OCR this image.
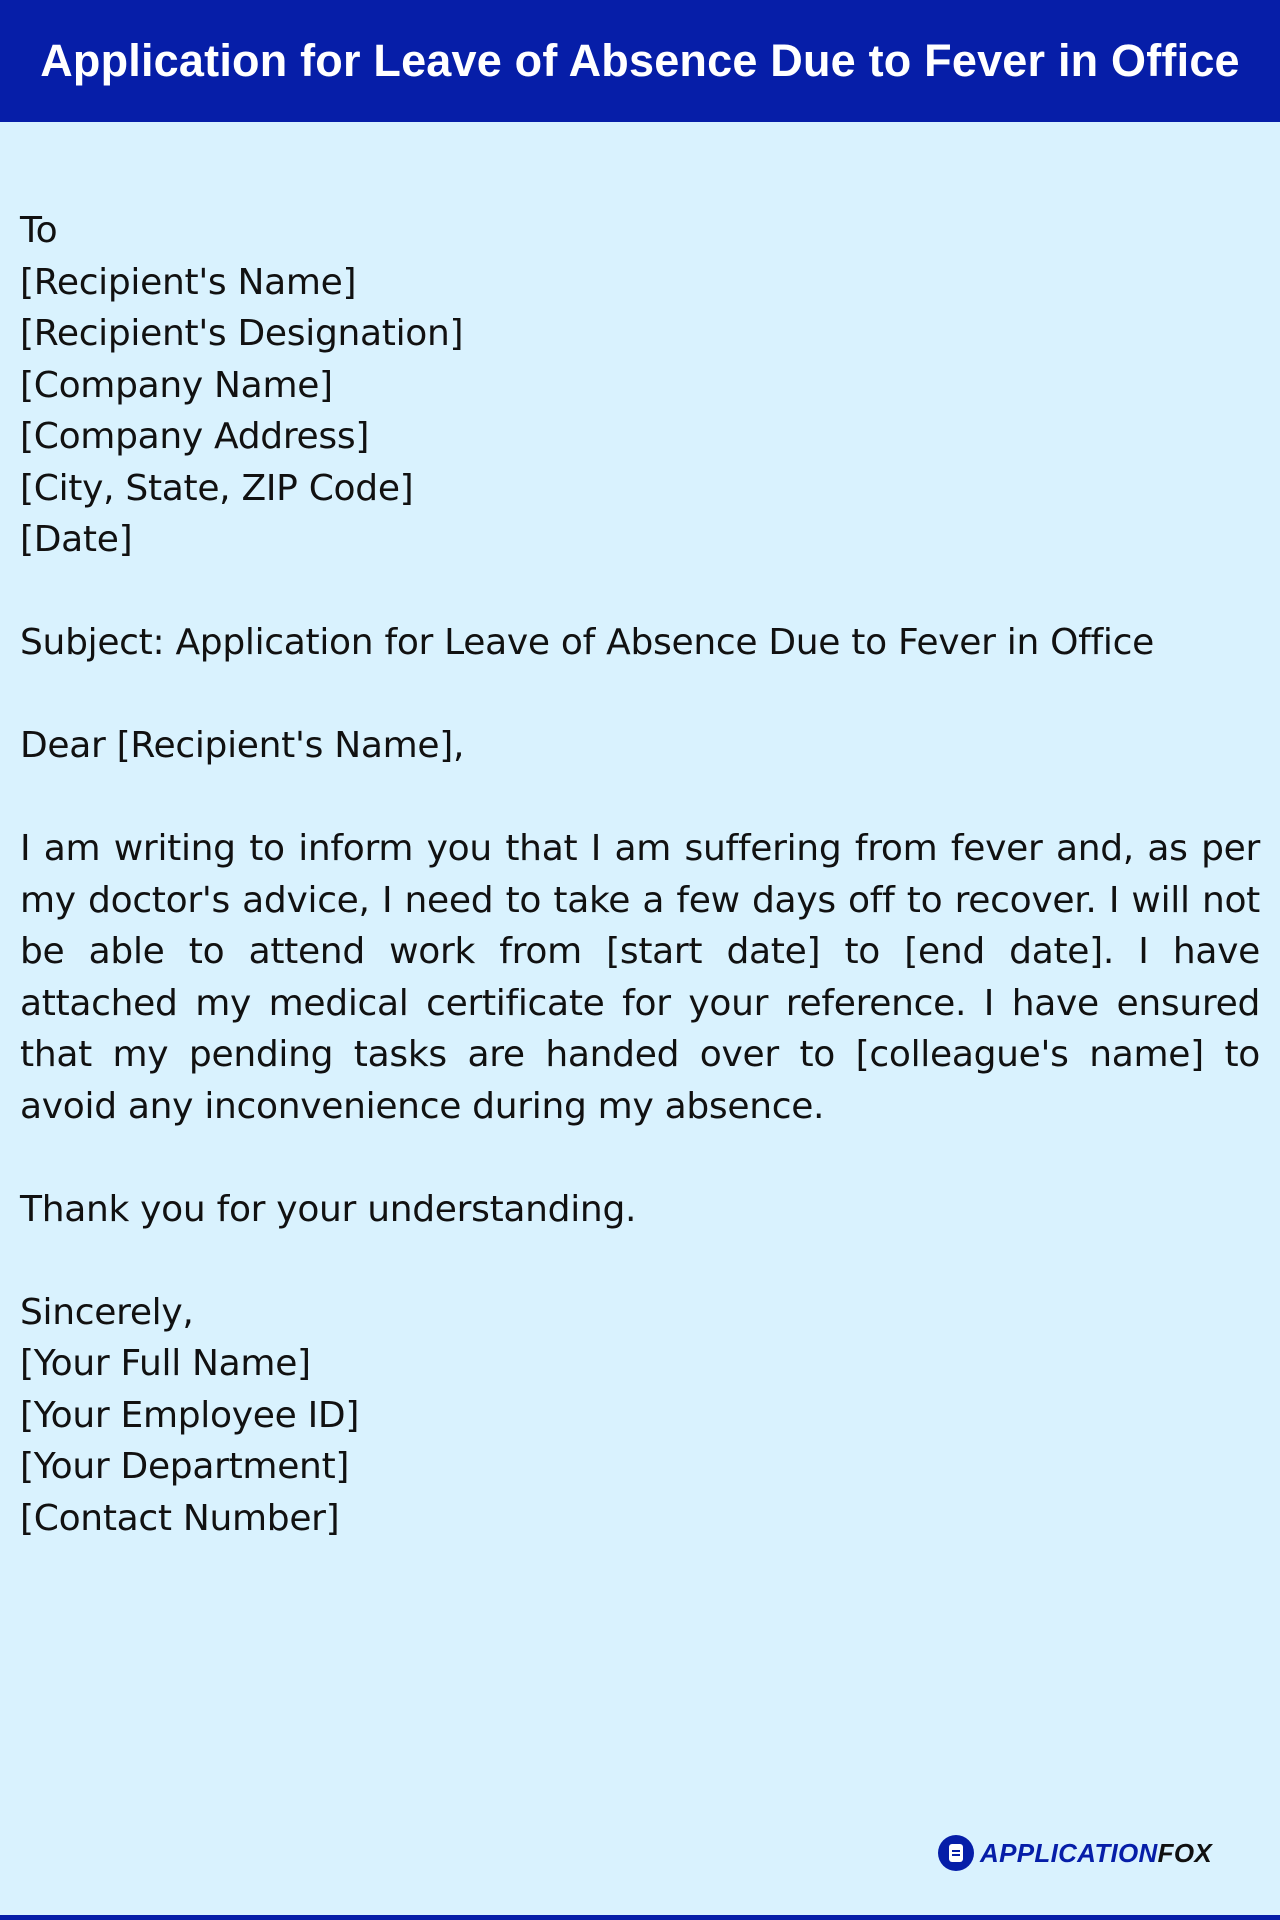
Application for Leave of Absence Due to Fever in Office
To
[Recipient's Name]
[Recipient's Designation]
[Company Name]
[Company Address]
[City, State, ZIP Code]
[Date]
Subject: Application for Leave of Absence Due to Fever in Office
Dear [Recipient's Name],
I am writing to inform you that I am suffering from fever and, as per my doctor's advice, I need to take a few days off to recover. I will not be able to attend work from [start date] to [end date]. I have attached my medical certificate for your reference. I have ensured that my pending tasks are handed over to [colleague's name] to avoid any inconvenience during my absence.
Thank you for your understanding.
Sincerely,
[Your Full Name]
[Your Employee ID]
[Your Department]
[Contact Number]
APPLICATIONFOX
